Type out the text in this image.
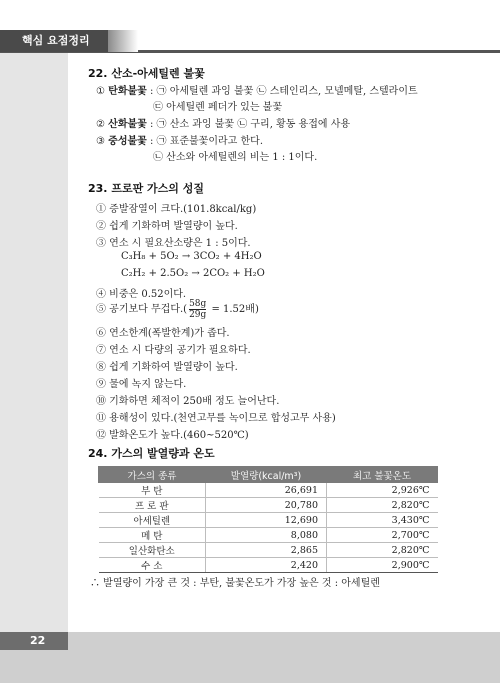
핵심 요점정리
22
22. 산소-아세틸렌 불꽃
① 탄화불꽃 : ㉠ 아세틸렌 과잉 불꽃 ㉡ 스테인리스, 모넬메탈, 스텔라이트
㉢ 아세틸렌 페더가 있는 불꽃
② 산화불꽃 : ㉠ 산소 과잉 불꽃 ㉡ 구리, 황동 용접에 사용
③ 중성불꽃 : ㉠ 표준불꽃이라고 한다.
㉡ 산소와 아세틸렌의 비는 1 : 1이다.
23. 프로판 가스의 성질
① 증발잠열이 크다.(101.8kcal/kg)
② 쉽게 기화하며 발열량이 높다.
③ 연소 시 필요산소량은 1 : 5이다.
C₃H₈ + 5O₂ → 3CO₂ + 4H₂O
C₂H₂ + 2.5O₂ → 2CO₂ + H₂O
④ 비중은 0.52이다.
⑤ 공기보다 무겁다.( $\frac{58g}{29g} = 1.52$배)
⑥ 연소한계(폭발한계)가 좁다.
⑦ 연소 시 다량의 공기가 필요하다.
⑧ 쉽게 기화하여 발열량이 높다.
⑨ 물에 녹지 않는다.
⑩ 기화하면 체적이 250배 정도 늘어난다.
⑪ 용해성이 있다.(천연고무를 녹이므로 합성고무 사용)
⑫ 발화온도가 높다.(460~520℃)
24. 가스의 발열량과 온도
가스의 종류	발열량(kcal/m³)	최고 불꽃온도
부 탄	26,691	2,926℃
프 로 판	20,780	2,820℃
아세틸렌	12,690	3,430℃
메 탄	8,080	2,700℃
일산화탄소	2,865	2,820℃
수 소	2,420	2,900℃
∴ 발열량이 가장 큰 것 : 부탄, 불꽃온도가 가장 높은 것 : 아세틸렌
